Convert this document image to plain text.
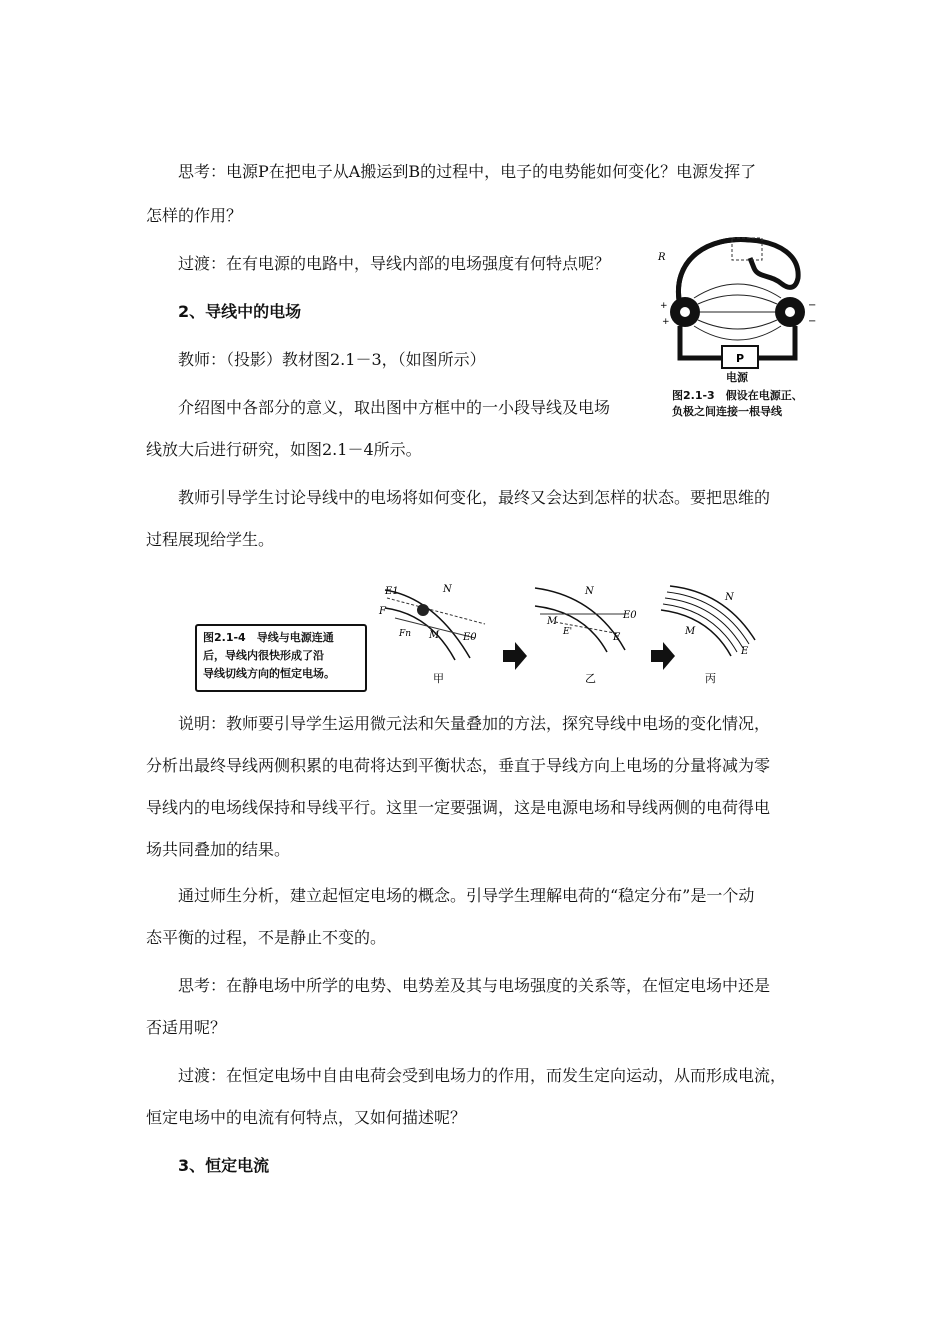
思考：电源P在把电子从A搬运到B的过程中，电子的电势能如何变化？电源发挥了
怎样的作用？
过渡：在有电源的电路中，导线内部的电场强度有何特点呢？
2、导线中的电场
教师：（投影）教材图2.1－3，（如图所示）
介绍图中各部分的意义，取出图中方框中的一小段导线及电场
线放大后进行研究，如图2.1－4所示。
教师引导学生讨论导线中的电场将如何变化，最终又会达到怎样的状态。要把思维的
过程展现给学生。
说明：教师要引导学生运用微元法和矢量叠加的方法，探究导线中电场的变化情况，
分析出最终导线两侧积累的电荷将达到平衡状态，垂直于导线方向上电场的分量将减为零
导线内的电场线保持和导线平行。这里一定要强调，这是电源电场和导线两侧的电荷得电
场共同叠加的结果。
通过师生分析，建立起恒定电场的概念。引导学生理解电荷的“稳定分布”是一个动
态平衡的过程，不是静止不变的。
思考：在静电场中所学的电势、电势差及其与电场强度的关系等，在恒定电场中还是
否适用呢？
过渡：在恒定电场中自由电荷会受到电场力的作用，而发生定向运动，从而形成电流，
恒定电场中的电流有何特点，又如何描述呢？
3、恒定电流
P
R
+
+
−
−
电源
图2.1-3　假设在电源正、
负极之间连接一根导线
图2.1-4　导线与电源连通
后，导线内很快形成了沿
导线切线方向的恒定电场。
N
E1
F
Fn M E0
甲
N
M
E'
E0
E
乙
N
M
E
丙
